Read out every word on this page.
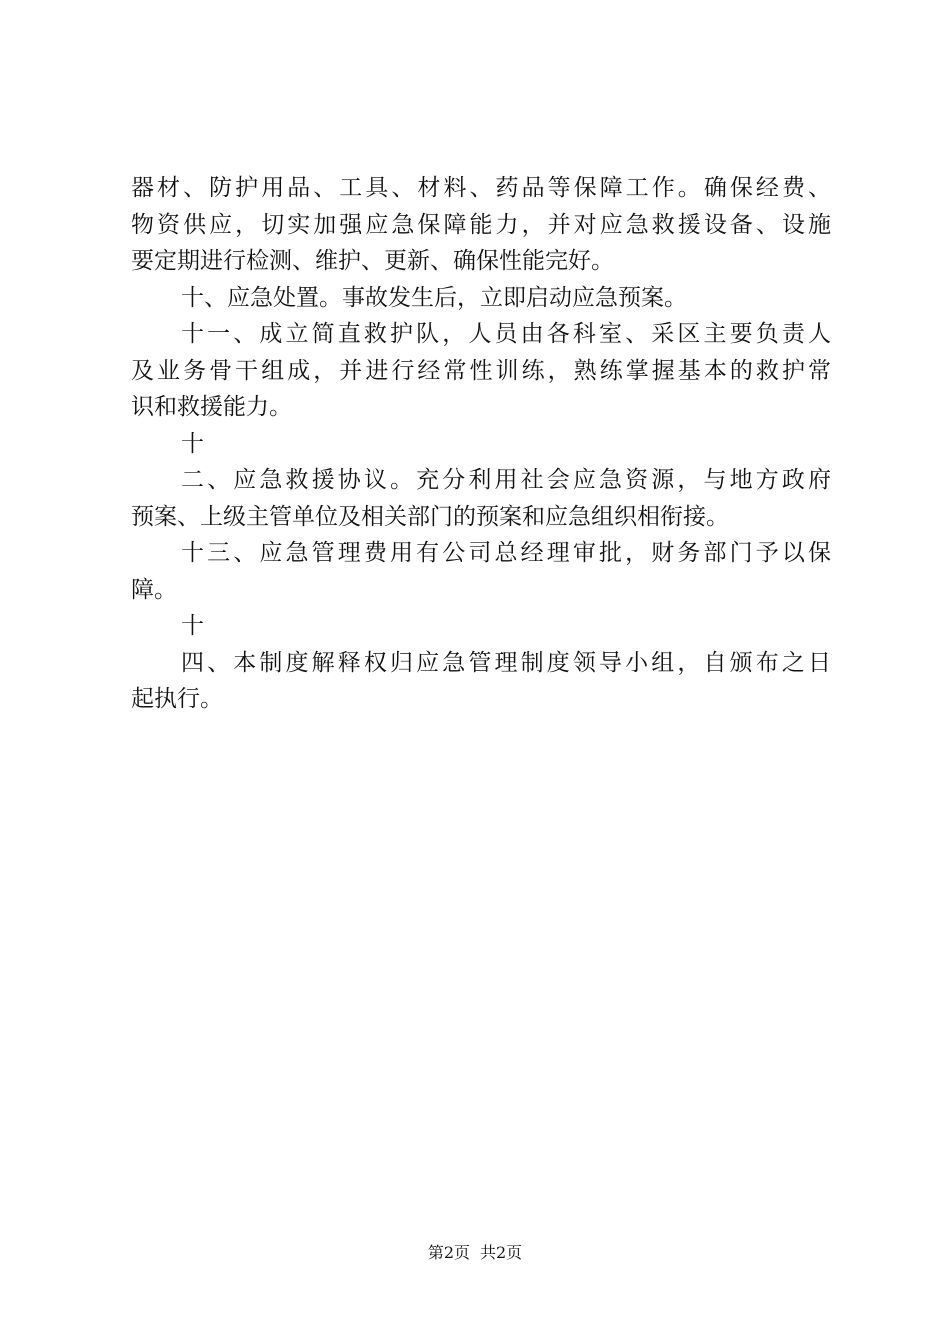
器材、防护用品、工具、材料、药品等保障工作。确保经费、
物资供应，切实加强应急保障能力，并对应急救援设备、设施
要定期进行检测、维护、更新、确保性能完好。
十、应急处置。事故发生后，立即启动应急预案。
十一、成立简直救护队，人员由各科室、采区主要负责人
及业务骨干组成，并进行经常性训练，熟练掌握基本的救护常
识和救援能力。
十
二、应急救援协议。充分利用社会应急资源，与地方政府
预案、上级主管单位及相关部门的预案和应急组织相衔接。
十三、应急管理费用有公司总经理审批，财务部门予以保
障。
十
四、本制度解释权归应急管理制度领导小组，自颁布之日
起执行。
第2页 共2页
